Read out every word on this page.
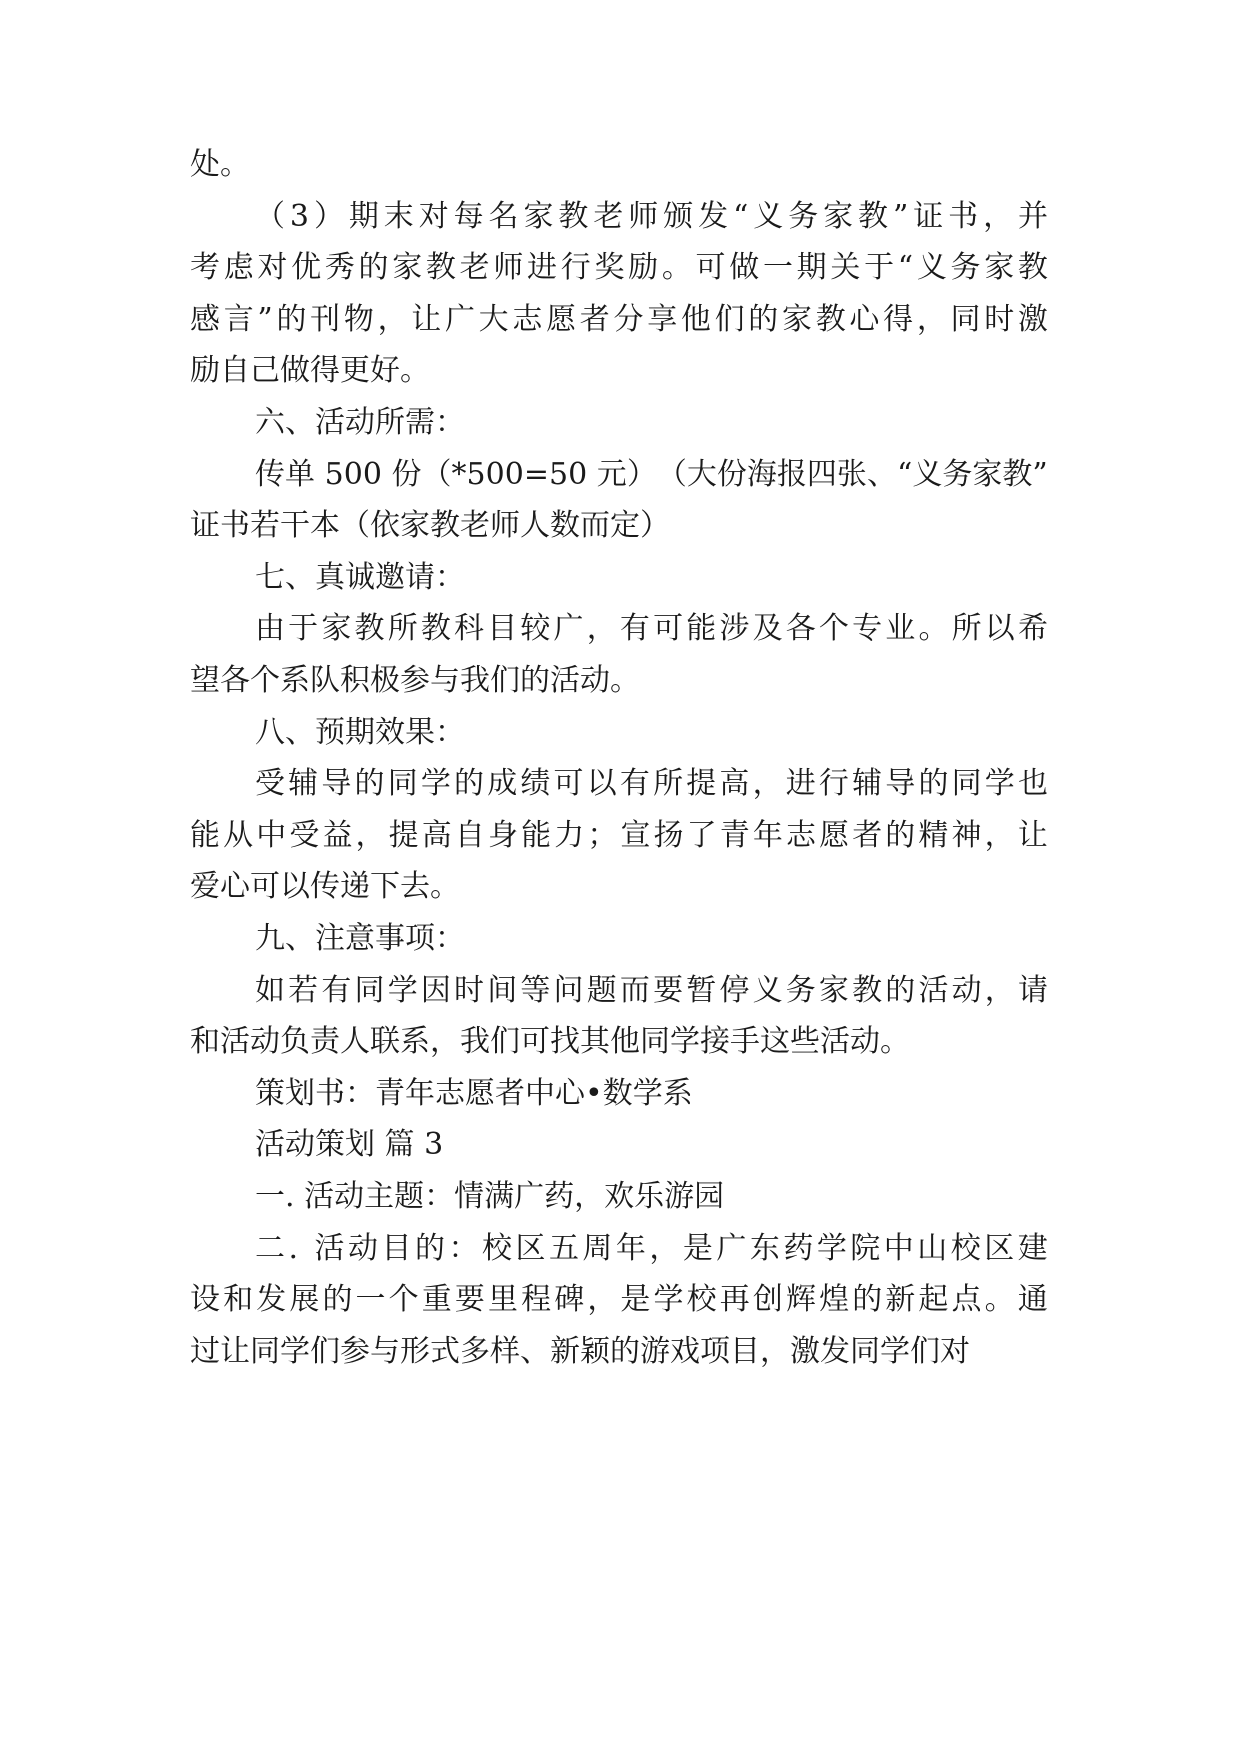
处。
（ 3 ） 期 末 对 每 名 家 教 老 师 颁 发 “ 义 务 家 教 ” 证 书 ， 并
考 虑 对 优 秀 的 家 教 老 师 进 行 奖 励 。 可 做 一 期 关 于 “ 义 务 家 教
感 言 ” 的 刊 物 ， 让 广 大 志 愿 者 分 享 他 们 的 家 教 心 得 ， 同 时 激
励自己做得更好。
六、活动所需：
传 单
5 0 0
份 （ * 5 0 0 = 5 0
元 ） （ 大 份 海 报 四 张 、 “ 义 务 家 教 ”
证书若干本（依家教老师人数而定）
七、真诚邀请：
由 于 家 教 所 教 科 目 较 广 ， 有 可 能 涉 及 各 个 专 业 。 所 以 希
望各个系队积极参与我们的活动。
八、预期效果：
受 辅 导 的 同 学 的 成 绩 可 以 有 所 提 高 ， 进 行 辅 导 的 同 学 也
能 从 中 受 益 ， 提 高 自 身 能 力 ； 宣 扬 了 青 年 志 愿 者 的 精 神 ， 让
爱心可以传递下去。
九、注意事项：
如 若 有 同 学 因 时 间 等 问 题 而 要 暂 停 义 务 家 教 的 活 动 ， 请
和活动负责人联系，我们可找其他同学接手这些活动。
策划书：青年志愿者中心•数学系
活动策划 篇 3
一. 活动主题：情满广药，欢乐游园
二 .
活 动 目 的 ： 校 区 五 周 年 ， 是 广 东 药 学 院 中 山 校 区 建
设 和 发 展 的 一 个 重 要 里 程 碑 ， 是 学 校 再 创 辉 煌 的 新 起 点 。 通
过让同学们参与形式多样、新颖的游戏项目，激发同学们对
